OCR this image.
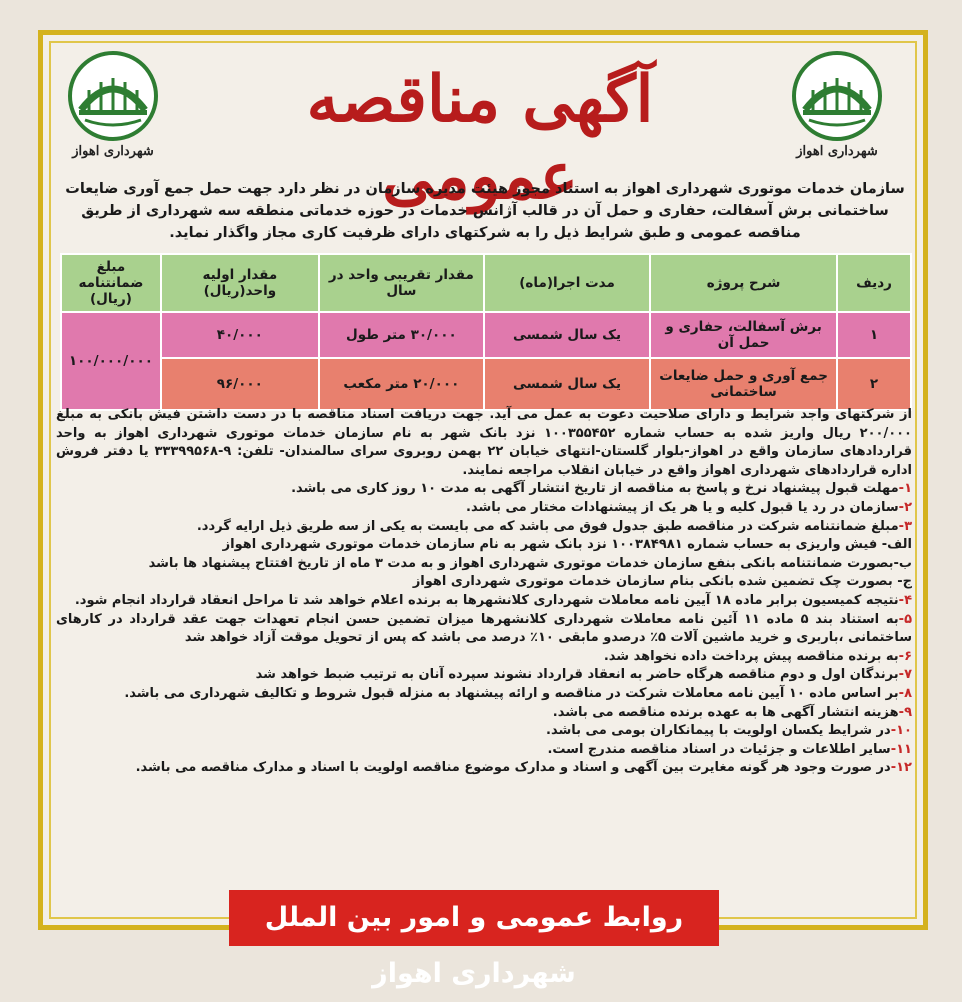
شهرداری اهواز
شهرداری اهواز
آگهی مناقصه عمومی
سازمان خدمات موتوری شهرداری اهواز به استناد مجوز هیئت مدیره سازمان در نظر دارد جهت حمل جمع آوری ضایعات ساختمانی برش آسفالت، حفاری و حمل آن در قالب آژانس خدمات در حوزه خدماتی منطقه سه شهرداری از طریق مناقصه عمومی و طبق شرایط ذیل را به شرکتهای دارای ظرفیت کاری مجاز واگذار نماید.
ردیف	شرح پروژه	مدت اجرا(ماه)	مقدار تقریبی واحد در سال	مقدار اولیه واحد(ریال)	مبلغ ضمانتنامه (ریال)
۱	برش آسفالت، حفاری و حمل آن	یک سال شمسی	۳۰/۰۰۰ متر طول	۴۰/۰۰۰	۱۰۰/۰۰۰/۰۰۰
۲	جمع آوری و حمل ضایعات ساختمانی	یک سال شمسی	۲۰/۰۰۰ متر مکعب	۹۶/۰۰۰	

از شرکتهای واجد شرایط و دارای صلاحیت دعوت به عمل می آید. جهت دریافت اسناد مناقصه با در دست داشتن فیش بانکی به مبلغ ۲۰۰/۰۰۰ ریال واریز شده به حساب شماره ۱۰۰۳۵۵۴۵۲ نزد بانک شهر به نام سازمان خدمات موتوری شهرداری اهواز به واحد قراردادهای سازمان واقع در اهواز-بلوار گلستان-انتهای خیابان ۲۲ بهمن روبروی سرای سالمندان- تلفن: ۹-۳۳۳۹۹۵۶۸ یا دفتر فروش اداره قراردادهای شهرداری اهواز واقع در خیابان انقلاب مراجعه نمایند.

۱-مهلت قبول پیشنهاد نرخ و پاسخ به مناقصه از تاریخ انتشار آگهی به مدت ۱۰ روز کاری می باشد.

۲-سازمان در رد یا قبول کلیه و یا هر یک از پیشنهادات مختار می باشد.

۳-مبلغ ضمانتنامه شرکت در مناقصه طبق جدول فوق می باشد که می بایست به یکی از سه طریق ذیل ارایه گردد.

الف- فیش واریزی به حساب شماره ۱۰۰۳۸۴۹۸۱ نزد بانک شهر به نام سازمان خدمات موتوری شهرداری اهواز

ب-بصورت ضمانتنامه بانکی بنفع سازمان خدمات موتوری شهرداری اهواز و به مدت ۳ ماه از تاریخ افتتاح پیشنهاد ها باشد

ج- بصورت چک تضمین شده بانکی بنام سازمان خدمات موتوری شهرداری اهواز

۴-نتیجه کمیسیون برابر ماده ۱۸ آیین نامه معاملات شهرداری کلانشهرها به برنده اعلام خواهد شد تا مراحل انعقاد قرارداد انجام شود.

۵-به استناد بند ۵ ماده ۱۱ آئین نامه معاملات شهرداری کلانشهرها میزان تضمین حسن انجام تعهدات جهت عقد قرارداد در کارهای ساختمانی ،باربری و خرید ماشین آلات ۵٪ درصدو مابقی ۱۰٪ درصد می باشد که پس از تحویل موقت آزاد خواهد شد

۶-به برنده مناقصه پیش پرداخت داده نخواهد شد.

۷-برندگان اول و دوم مناقصه هرگاه حاضر به انعقاد قرارداد نشوند سپرده آنان به ترتیب ضبط خواهد شد

۸-بر اساس ماده ۱۰ آیین نامه معاملات شرکت در مناقصه و ارائه پیشنهاد به منزله قبول شروط و تکالیف شهرداری می باشد.

۹-هزینه انتشار آگهی ها به عهده برنده مناقصه می باشد.

۱۰-در شرایط یکسان اولویت با پیمانکاران بومی می باشد.

۱۱-سایر اطلاعات و جزئیات در اسناد مناقصه مندرج است.

۱۲-در صورت وجود هر گونه مغایرت بین آگهی و اسناد و مدارک موضوع مناقصه اولویت با اسناد و مدارک مناقصه می باشد.

روابط عمومی و امور بین الملل شهرداری اهواز
